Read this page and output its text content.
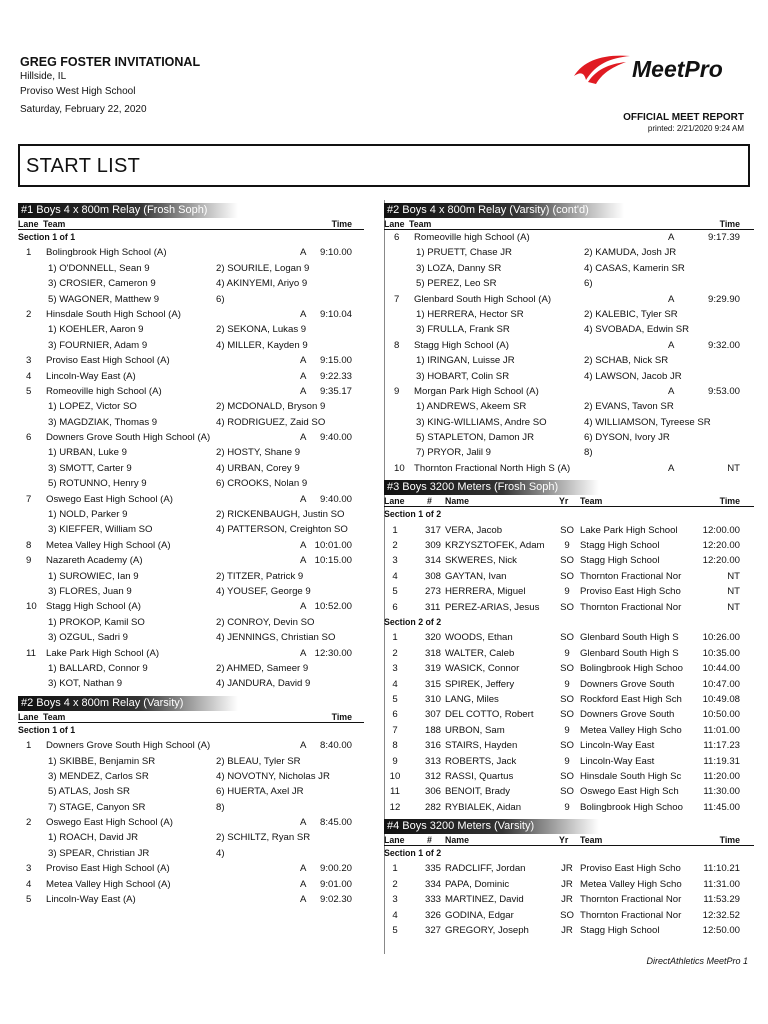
GREG FOSTER INVITATIONAL
Hillside, IL
Proviso West High School
Saturday, February 22, 2020
MeetPro
OFFICIAL MEET REPORT
printed: 2/21/2020 9:24 AM
START LIST
#1 Boys 4 x 800m Relay (Frosh Soph)
Lane Team	Time
Section 1 of 1
1 Bolingbrook High School (A)	A 9:10.00
1) O'DONNELL, Sean 9	2) SOURILE, Logan 9
3) CROSIER, Cameron 9	4) AKINYEMI, Ariyo 9
5) WAGONER, Matthew 9	6)
2 Hinsdale South High School (A)	A 9:10.04
1) KOEHLER, Aaron 9	2) SEKONA, Lukas 9
3) FOURNIER, Adam 9	4) MILLER, Kayden 9
3 Proviso East High School (A)	A 9:15.00
4 Lincoln-Way East (A)	A 9:22.33
5 Romeoville high School (A)	A 9:35.17
1) LOPEZ, Victor SO	2) MCDONALD, Bryson 9
3) MAGDZIAK, Thomas 9	4) RODRIGUEZ, Zaid SO
6 Downers Grove South High School (A)	A 9:40.00
1) URBAN, Luke 9	2) HOSTY, Shane 9
3) SMOTT, Carter 9	4) URBAN, Corey 9
5) ROTUNNO, Henry 9	6) CROOKS, Nolan 9
7 Oswego East High School (A)	A 9:40.00
1) NOLD, Parker 9	2) RICKENBAUGH, Justin SO
3) KIEFFER, William SO	4) PATTERSON, Creighton SO
8 Metea Valley High School (A)	A 10:01.00
9 Nazareth Academy (A)	A 10:15.00
1) SUROWIEC, Ian 9	2) TITZER, Patrick 9
3) FLORES, Juan 9	4) YOUSEF, George 9
10 Stagg High School (A)	A 10:52.00
1) PROKOP, Kamil SO	2) CONROY, Devin SO
3) OZGUL, Sadri 9	4) JENNINGS, Christian SO
11 Lake Park High School (A)	A 12:30.00
1) BALLARD, Connor 9	2) AHMED, Sameer 9
3) KOT, Nathan 9	4) JANDURA, David 9
#2 Boys 4 x 800m Relay (Varsity)
Lane Team	Time
Section 1 of 1
1 Downers Grove South High School (A)	A 8:40.00
1) SKIBBE, Benjamin SR	2) BLEAU, Tyler SR
3) MENDEZ, Carlos SR	4) NOVOTNY, Nicholas JR
5) ATLAS, Josh SR	6) HUERTA, Axel JR
7) STAGE, Canyon SR	8)
2 Oswego East High School (A)	A 8:45.00
1) ROACH, David JR	2) SCHILTZ, Ryan SR
3) SPEAR, Christian JR	4)
3 Proviso East High School (A)	A 9:00.20
4 Metea Valley High School (A)	A 9:01.00
5 Lincoln-Way East (A)	A 9:02.30
#2 Boys 4 x 800m Relay (Varsity) (cont'd)
Lane Team	Time
6 Romeoville high School (A)	A	9:17.39
1) PRUETT, Chase JR	2) KAMUDA, Josh JR
3) LOZA, Danny SR	4) CASAS, Kamerin SR
5) PEREZ, Leo SR	6)
7 Glenbard South High School (A)	A	9:29.90
1) HERRERA, Hector SR	2) KALEBIC, Tyler SR
3) FRULLA, Frank SR	4) SVOBADA, Edwin SR
8 Stagg High School (A)	A	9:32.00
1) IRINGAN, Luisse JR	2) SCHAB, Nick SR
3) HOBART, Colin SR	4) LAWSON, Jacob JR
9 Morgan Park High School (A)	A	9:53.00
1) ANDREWS, Akeem SR	2) EVANS, Tavon SR
3) KING-WILLIAMS, Andre SO	4) WILLIAMSON, Tyreese SR
5) STAPLETON, Damon JR	6) DYSON, Ivory JR
7) PRYOR, Jalil 9	8)
10 Thornton Fractional North High S (A)	A	NT
#3 Boys 3200 Meters (Frosh Soph)
Lane	# Name	Yr Team	Time
Section 1 of 2
1	317 VERA, Jacob	SO Lake Park High School	12:00.00
2	309 KRZYSZTOFEK, Adam	9	Stagg High School	12:20.00
3	314 SKWERES, Nick	SO Stagg High School	12:20.00
4	308 GAYTAN, Ivan	SO Thornton Fractional Nor	NT
5	273 HERRERA, Miguel	9	Proviso East High Scho	NT
6	311 PEREZ-ARIAS, Jesus	SO Thornton Fractional Nor	NT
Section 2 of 2
1	320 WOODS, Ethan	SO Glenbard South High S 10:26.00
2	318 WALTER, Caleb	9	Glenbard South High S 10:35.00
3	319 WASICK, Connor	SO Bolingbrook High Schoo 10:44.00
4	315 SPIREK, Jeffery	9	Downers Grove South	10:47.00
5	310 LANG, Miles	SO Rockford East High Sch 10:49.08
6	307 DEL COTTO, Robert	SO Downers Grove South	10:50.00
7	188 URBON, Sam	9	Metea Valley High Scho 11:01.00
8	316 STAIRS, Hayden	SO Lincoln-Way East	11:17.23
9	313 ROBERTS, Jack	9	Lincoln-Way East	11:19.31
10	312 RASSI, Quartus	SO Hinsdale South High Sc 11:20.00
11	306 BENOIT, Brady	SO Oswego East High Sch	11:30.00
12	282 RYBIALEK, Aidan	9	Bolingbrook High Schoo 11:45.00
#4 Boys 3200 Meters (Varsity)
Lane	# Name	Yr Team	Time
Section 1 of 2
1	335 RADCLIFF, Jordan	JR Proviso East High Scho 11:10.21
2	334 PAPA, Dominic	JR Metea Valley High Scho 11:31.00
3	333 MARTINEZ, David	JR Thornton Fractional Nor 11:53.29
4	326 GODINA, Edgar	SO Thornton Fractional Nor 12:32.52
5	327 GREGORY, Joseph	JR Stagg High School	12:50.00
DirectAthletics MeetPro 1
